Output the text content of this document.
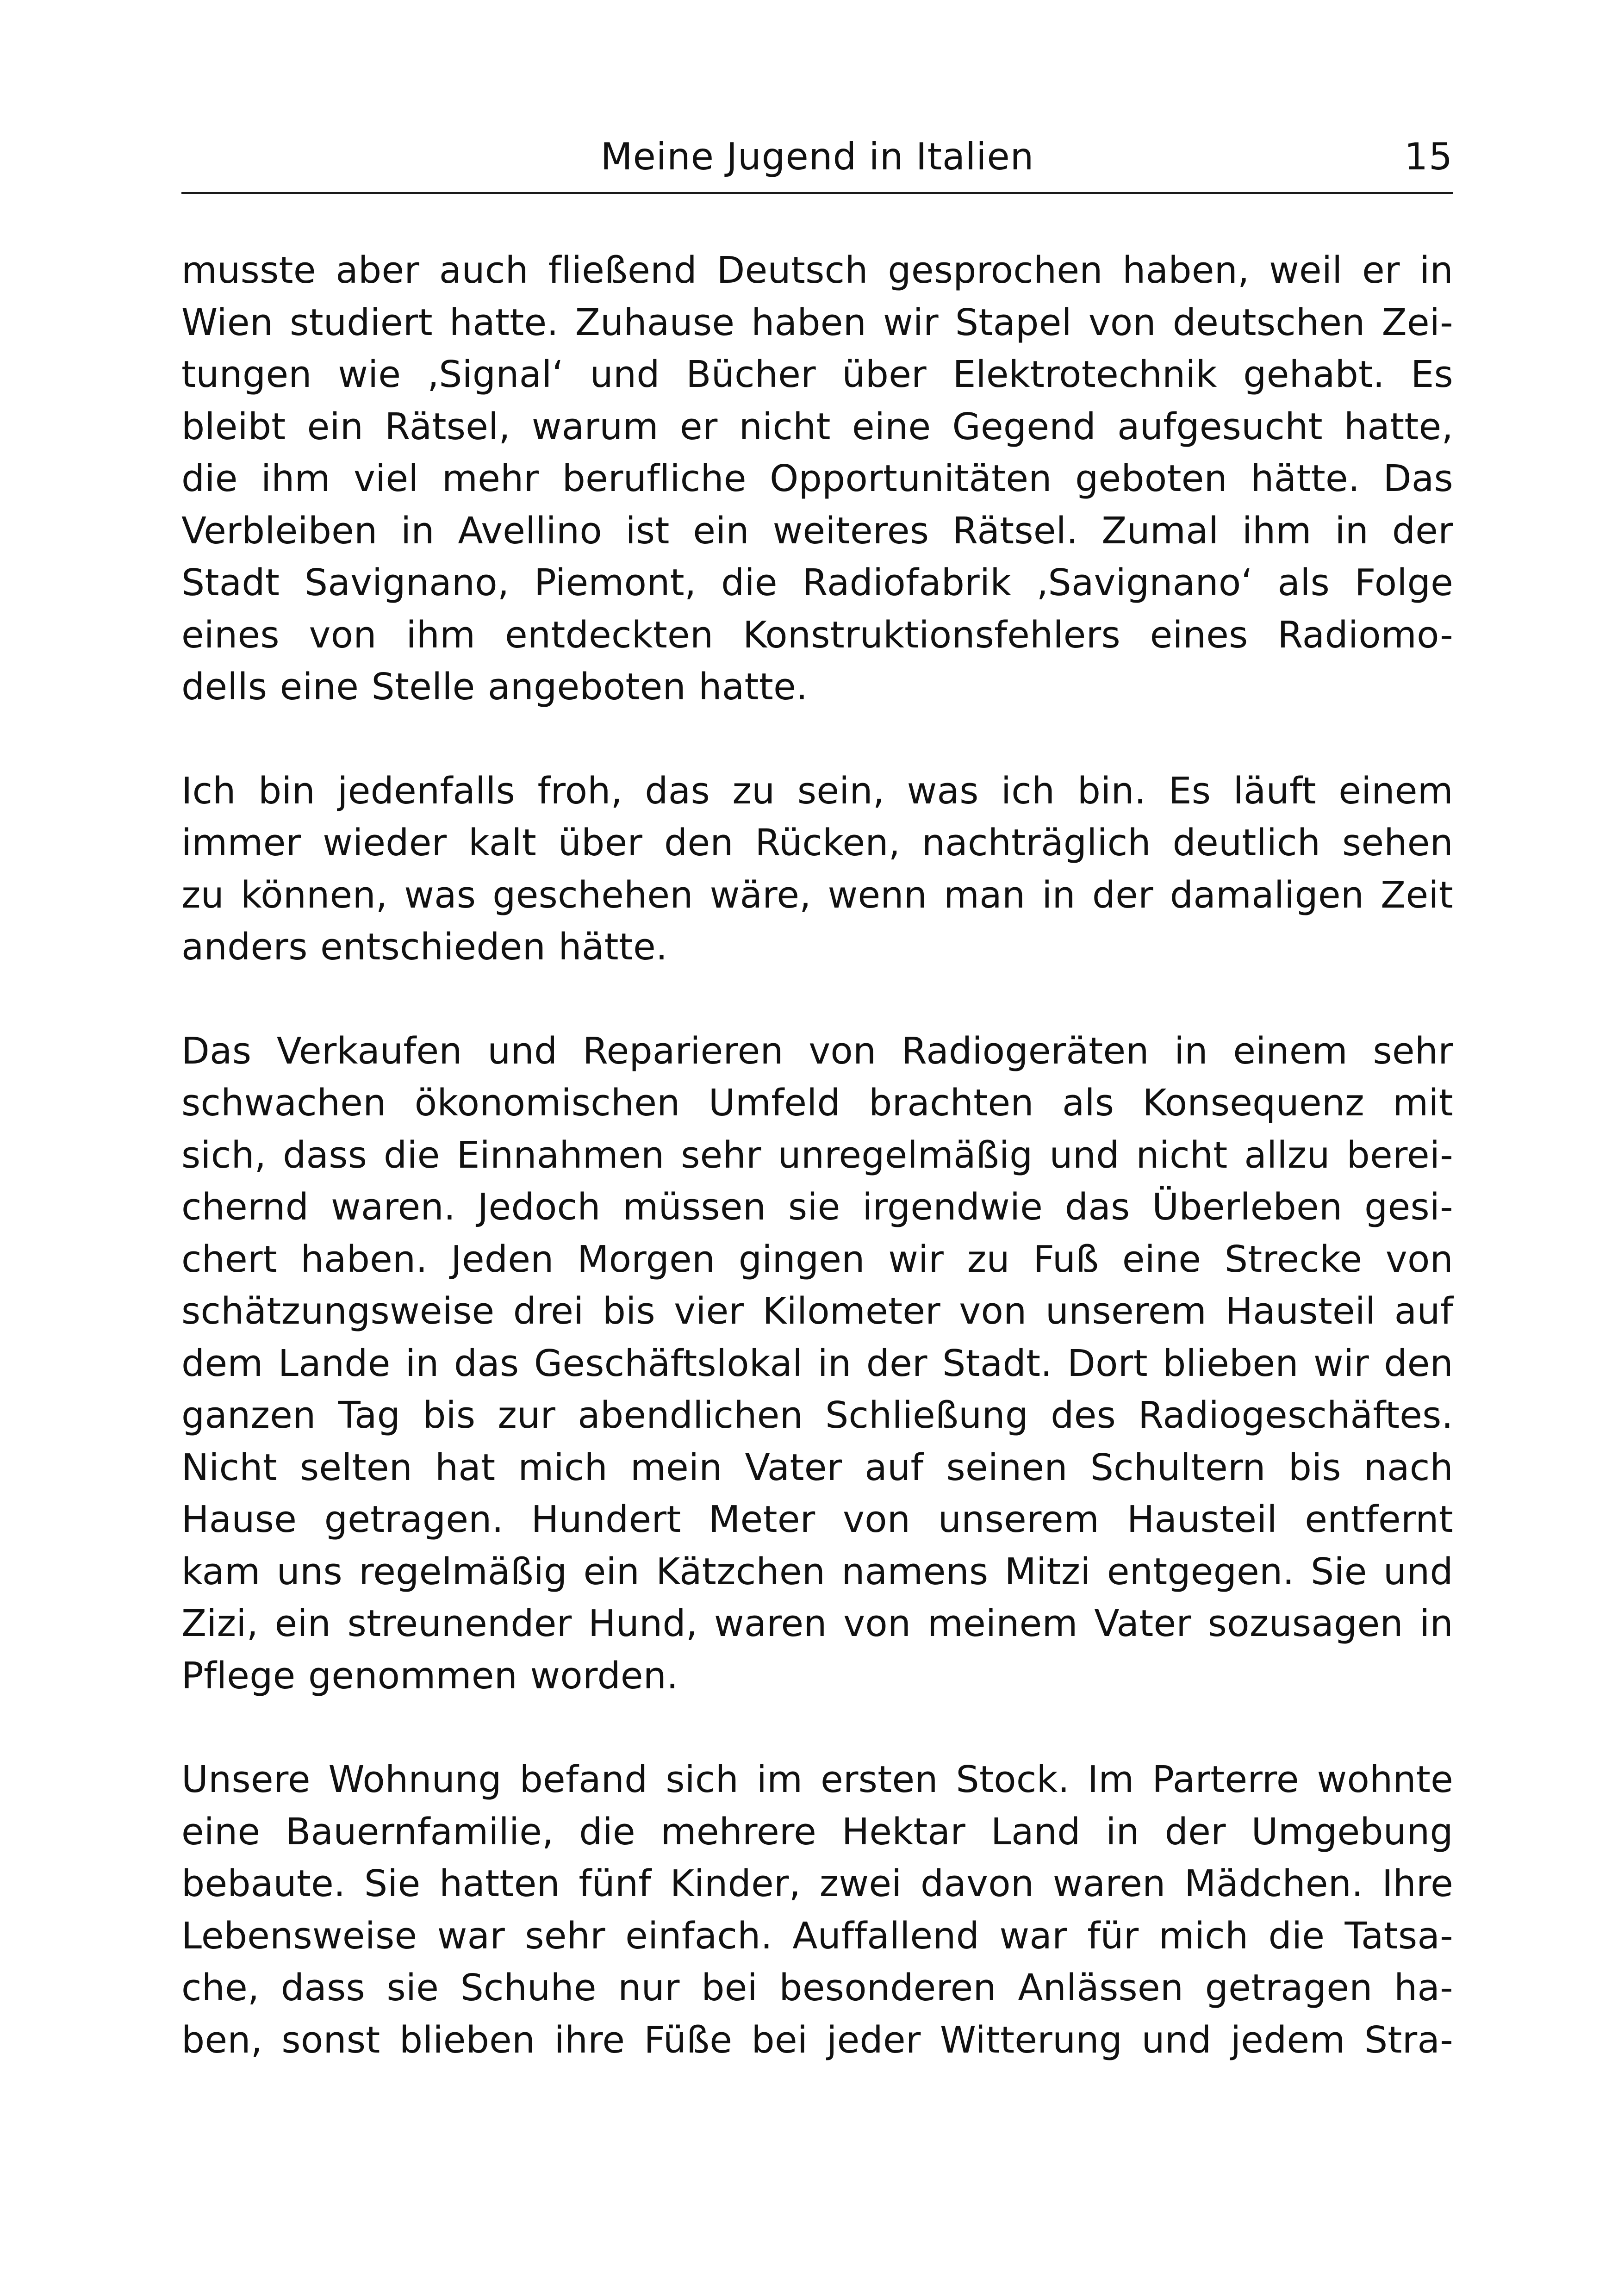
Meine Jugend in Italien	15
musste aber auch fließend Deutsch gesprochen haben, weil er in
Wien studiert hatte. Zuhause haben wir Stapel von deutschen Zei-
tungen wie ‚Signal‘ und Bücher über Elektrotechnik gehabt. Es
bleibt ein Rätsel, warum er nicht eine Gegend aufgesucht hatte,
die ihm viel mehr berufliche Opportunitäten geboten hätte. Das
Verbleiben in Avellino ist ein weiteres Rätsel. Zumal ihm in der
Stadt Savignano, Piemont, die Radiofabrik ‚Savignano‘ als Folge
eines von ihm entdeckten Konstruktionsfehlers eines Radiomo-
dells eine Stelle angeboten hatte.
Ich bin jedenfalls froh, das zu sein, was ich bin. Es läuft einem
immer wieder kalt über den Rücken, nachträglich deutlich sehen
zu können, was geschehen wäre, wenn man in der damaligen Zeit
anders entschieden hätte.
Das Verkaufen und Reparieren von Radiogeräten in einem sehr
schwachen ökonomischen Umfeld brachten als Konsequenz mit
sich, dass die Einnahmen sehr unregelmäßig und nicht allzu berei-
chernd waren. Jedoch müssen sie irgendwie das Überleben gesi-
chert haben. Jeden Morgen gingen wir zu Fuß eine Strecke von
schätzungsweise drei bis vier Kilometer von unserem Hausteil auf
dem Lande in das Geschäftslokal in der Stadt. Dort blieben wir den
ganzen Tag bis zur abendlichen Schließung des Radiogeschäftes.
Nicht selten hat mich mein Vater auf seinen Schultern bis nach
Hause getragen. Hundert Meter von unserem Hausteil entfernt
kam uns regelmäßig ein Kätzchen namens Mitzi entgegen. Sie und
Zizi, ein streunender Hund, waren von meinem Vater sozusagen in
Pflege genommen worden.
Unsere Wohnung befand sich im ersten Stock. Im Parterre wohnte
eine Bauernfamilie, die mehrere Hektar Land in der Umgebung
bebaute. Sie hatten fünf Kinder, zwei davon waren Mädchen. Ihre
Lebensweise war sehr einfach. Auffallend war für mich die Tatsa-
che, dass sie Schuhe nur bei besonderen Anlässen getragen ha-
ben, sonst blieben ihre Füße bei jeder Witterung und jedem Stra-
